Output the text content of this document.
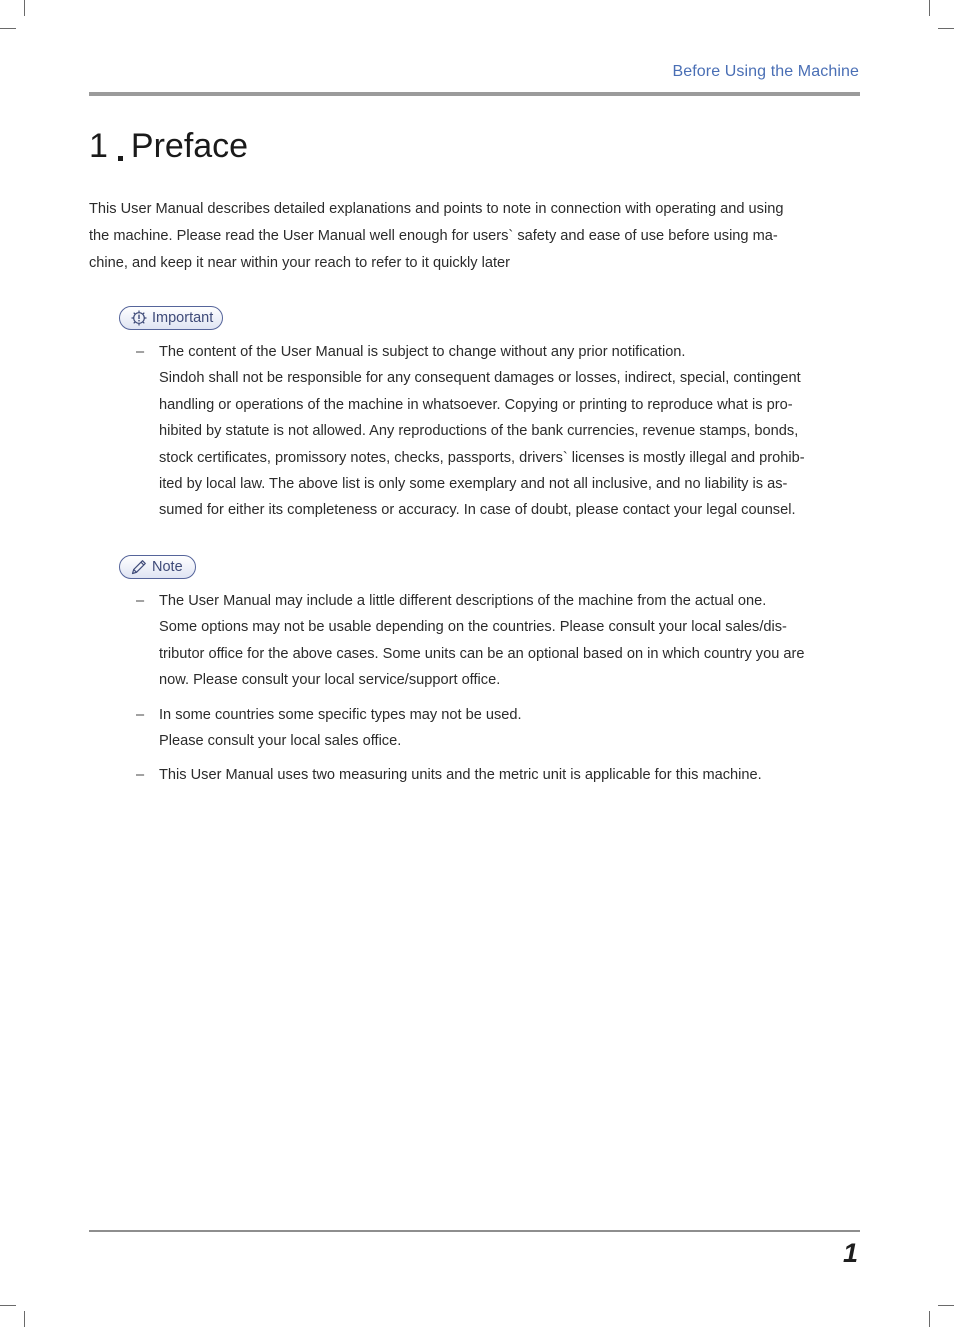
Before Using the Machine
1 Preface

This User Manual describes detailed explanations and points to note in connection with operating and using

the machine. Please read the User Manual well enough for users` safety and ease of use before using ma-

chine, and keep it near within your reach to refer to it quickly later

Important
– The content of the User Manual is subject to change without any prior notification.
Sindoh shall not be responsible for any consequent damages or losses, indirect, special, contingent
handling or operations of the machine in whatsoever. Copying or printing to reproduce what is pro-
hibited by statute is not allowed. Any reproductions of the bank currencies, revenue stamps, bonds,
stock certificates, promissory notes, checks, passports, drivers` licenses is mostly illegal and prohib-
ited by local law. The above list is only some exemplary and not all inclusive, and no liability is as-
sumed for either its completeness or accuracy. In case of doubt, please contact your legal counsel.
Note
– The User Manual may include a little different descriptions of the machine from the actual one.
Some options may not be usable depending on the countries. Please consult your local sales/dis-
tributor office for the above cases. Some units can be an optional based on in which country you are
now. Please consult your local service/support office.
– In some countries some specific types may not be used.
Please consult your local sales office.
– This User Manual uses two measuring units and the metric unit is applicable for this machine.
1
